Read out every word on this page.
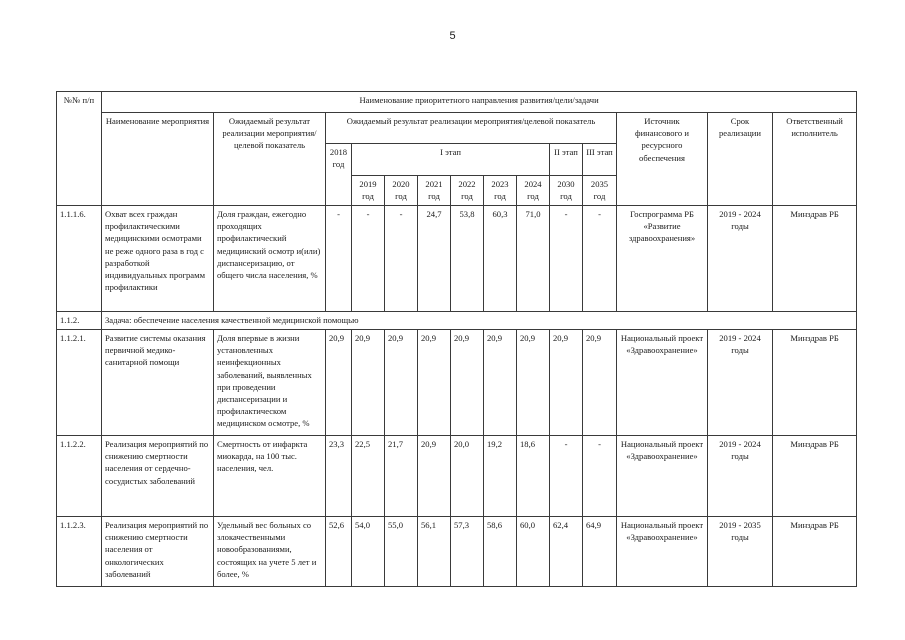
5
№№ п/п	Наименование приоритетного направления развития/цели/задачи													
	Наименование мероприятия	Ожидаемый результат реализации мероприятия/целевой показатель	Ожидаемый результат реализации мероприятия/целевой показатель									Источник финансового и ресурсного обеспечения	Срок реализации	Ответственный исполнитель
			2018 год	I этап						II этап	III этап			
				2019 год	2020 год	2021 год	2022 год	2023 год	2024 год	2030 год	2035 год			
1.1.1.6.	Охват всех граждан профилактическими медицинскими осмотрами не реже одного раза в год с разработкой индивидуальных программ профилактики	Доля граждан, ежегодно проходящих профилактический медицинский осмотр и(или) диспансеризацию, от общего числа населения, %	-	-	-	24,7	53,8	60,3	71,0	-	-	Госпрограмма РБ «Развитие здравоохранения»	2019 - 2024 годы	Минздрав РБ
1.1.2.	Задача: обеспечение населения качественной медицинской помощью													
1.1.2.1.	Развитие системы оказания первичной медико-санитарной помощи	Доля впервые в жизни установленных неинфекционных заболеваний, выявленных при проведении диспансеризации и профилактическом медицинском осмотре, %	20,9	20,9	20,9	20,9	20,9	20,9	20,9	20,9	20,9	Национальный проект «Здравоохранение»	2019 - 2024 годы	Минздрав РБ
1.1.2.2.	Реализация мероприятий по снижению смертности населения от сердечно-сосудистых заболеваний	Смертность от инфаркта миокарда, на 100 тыс. населения, чел.	23,3	22,5	21,7	20,9	20,0	19,2	18,6	-	-	Национальный проект «Здравоохранение»	2019 - 2024 годы	Минздрав РБ
1.1.2.3.	Реализация мероприятий по снижению смертности населения от онкологических заболеваний	Удельный вес больных со злокачественными новообразованиями, состоящих на учете 5 лет и более, %	52,6	54,0	55,0	56,1	57,3	58,6	60,0	62,4	64,9	Национальный проект «Здравоохранение»	2019 - 2035 годы	Минздрав РБ
